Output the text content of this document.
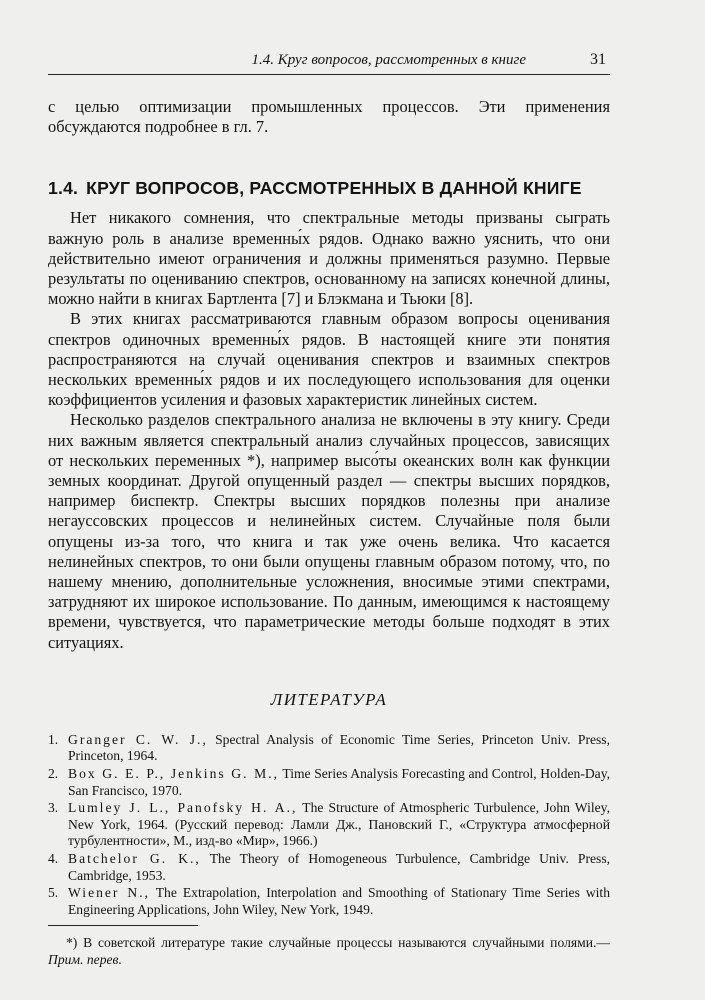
1.4. Круг вопросов, рассмотренных в книге	31

с целью оптимизации промышленных процессов. Эти применения обсуждаются подробнее в гл. 7.

1.4. КРУГ ВОПРОСОВ, РАССМОТРЕННЫХ В ДАННОЙ КНИГЕ

Нет никакого сомнения, что спектральные методы призваны сыграть важную роль в анализе временны́х рядов. Однако важно уяснить, что они действительно имеют ограничения и должны применяться разумно. Первые результаты по оцениванию спектров, основанному на записях конечной длины, можно найти в книгах Бартлента [7] и Блэкмана и Тьюки [8].

В этих книгах рассматриваются главным образом вопросы оценивания спектров одиночных временны́х рядов. В настоящей книге эти понятия распространяются на случай оценивания спектров и взаимных спектров нескольких временны́х рядов и их последующего использования для оценки коэффициентов усиления и фазовых характеристик линейных систем.

Несколько разделов спектрального анализа не включены в эту книгу. Среди них важным является спектральный анализ случайных процессов, зависящих от нескольких переменных *), например высо́ты океанских волн как функции земных координат. Другой опущенный раздел — спектры высших порядков, например биспектр. Спектры высших порядков полезны при анализе негауссовских процессов и нелинейных систем. Случайные поля были опущены из-за того, что книга и так уже очень велика. Что касается нелинейных спектров, то они были опущены главным образом потому, что, по нашему мнению, дополнительные усложнения, вносимые этими спектрами, затрудняют их широкое использование. По данным, имеющимся к настоящему времени, чувствуется, что параметрические методы больше подходят в этих ситуациях.

ЛИТЕРАТУРА
1. Granger C. W. J., Spectral Analysis of Economic Time Series, Princeton Univ. Press, Princeton, 1964.
2. Box G. E. P., Jenkins G. M., Time Series Analysis Forecasting and Control, Holden-Day, San Francisco, 1970.
3. Lumley J. L., Panofsky H. A., The Structure of Atmospheric Turbulence, John Wiley, New York, 1964. (Русский перевод: Ламли Дж., Пановский Г., «Структура атмосферной турбулентности», М., изд-во «Мир», 1966.)
4. Batchelor G. K., The Theory of Homogeneous Turbulence, Cambridge Univ. Press, Cambridge, 1953.
5. Wiener N., The Extrapolation, Interpolation and Smoothing of Stationary Time Series with Engineering Applications, John Wiley, New York, 1949.

*) В советской литературе такие случайные процессы называются случайными полями.— Прим. перев.
